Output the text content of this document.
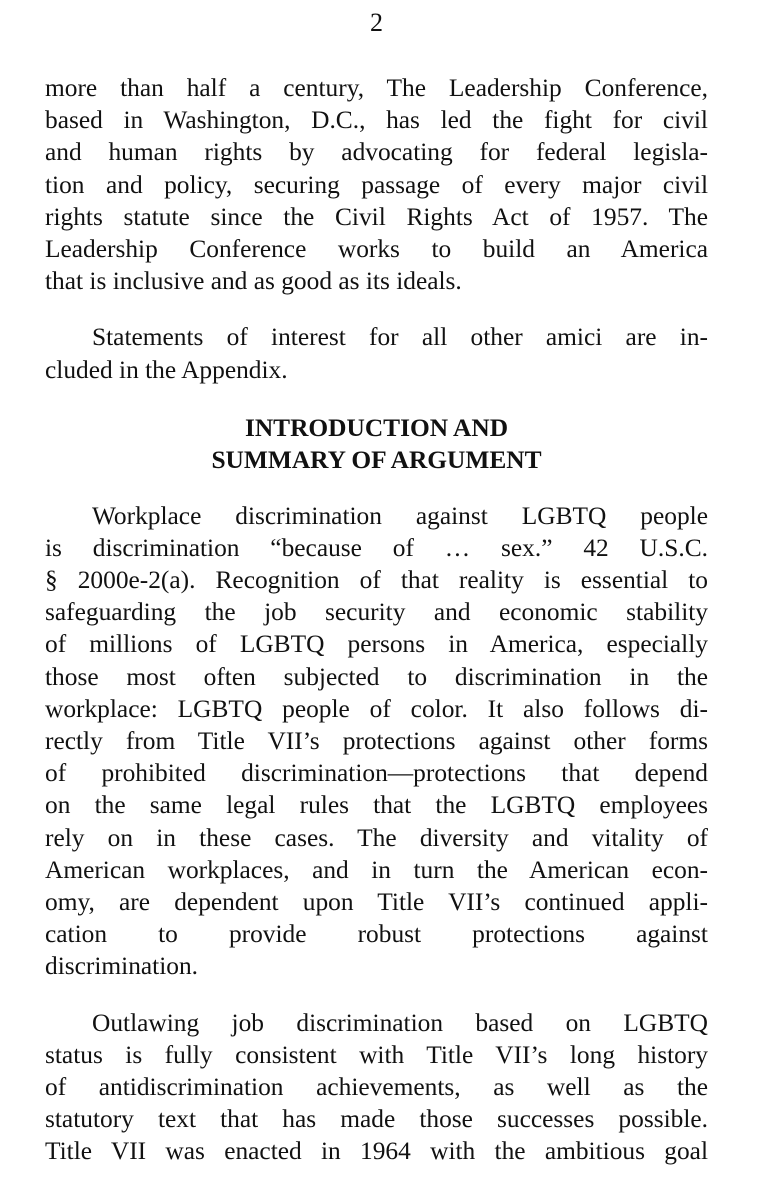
2
more than half a century, The Leadership Conference,
based in Washington, D.C., has led the fight for civil
and human rights by advocating for federal legisla-
tion and policy, securing passage of every major civil
rights statute since the Civil Rights Act of 1957. The
Leadership Conference works to build an America
that is inclusive and as good as its ideals.
Statements of interest for all other amici are in-
cluded in the Appendix.
INTRODUCTION AND
SUMMARY OF ARGUMENT
Workplace discrimination against LGBTQ people
is discrimination “because of … sex.” 42 U.S.C.
§ 2000e-2(a). Recognition of that reality is essential to
safeguarding the job security and economic stability
of millions of LGBTQ persons in America, especially
those most often subjected to discrimination in the
workplace: LGBTQ people of color. It also follows di-
rectly from Title VII’s protections against other forms
of prohibited discrimination—protections that depend
on the same legal rules that the LGBTQ employees
rely on in these cases. The diversity and vitality of
American workplaces, and in turn the American econ-
omy, are dependent upon Title VII’s continued appli-
cation to provide robust protections against
discrimination.
Outlawing job discrimination based on LGBTQ
status is fully consistent with Title VII’s long history
of antidiscrimination achievements, as well as the
statutory text that has made those successes possible.
Title VII was enacted in 1964 with the ambitious goal
